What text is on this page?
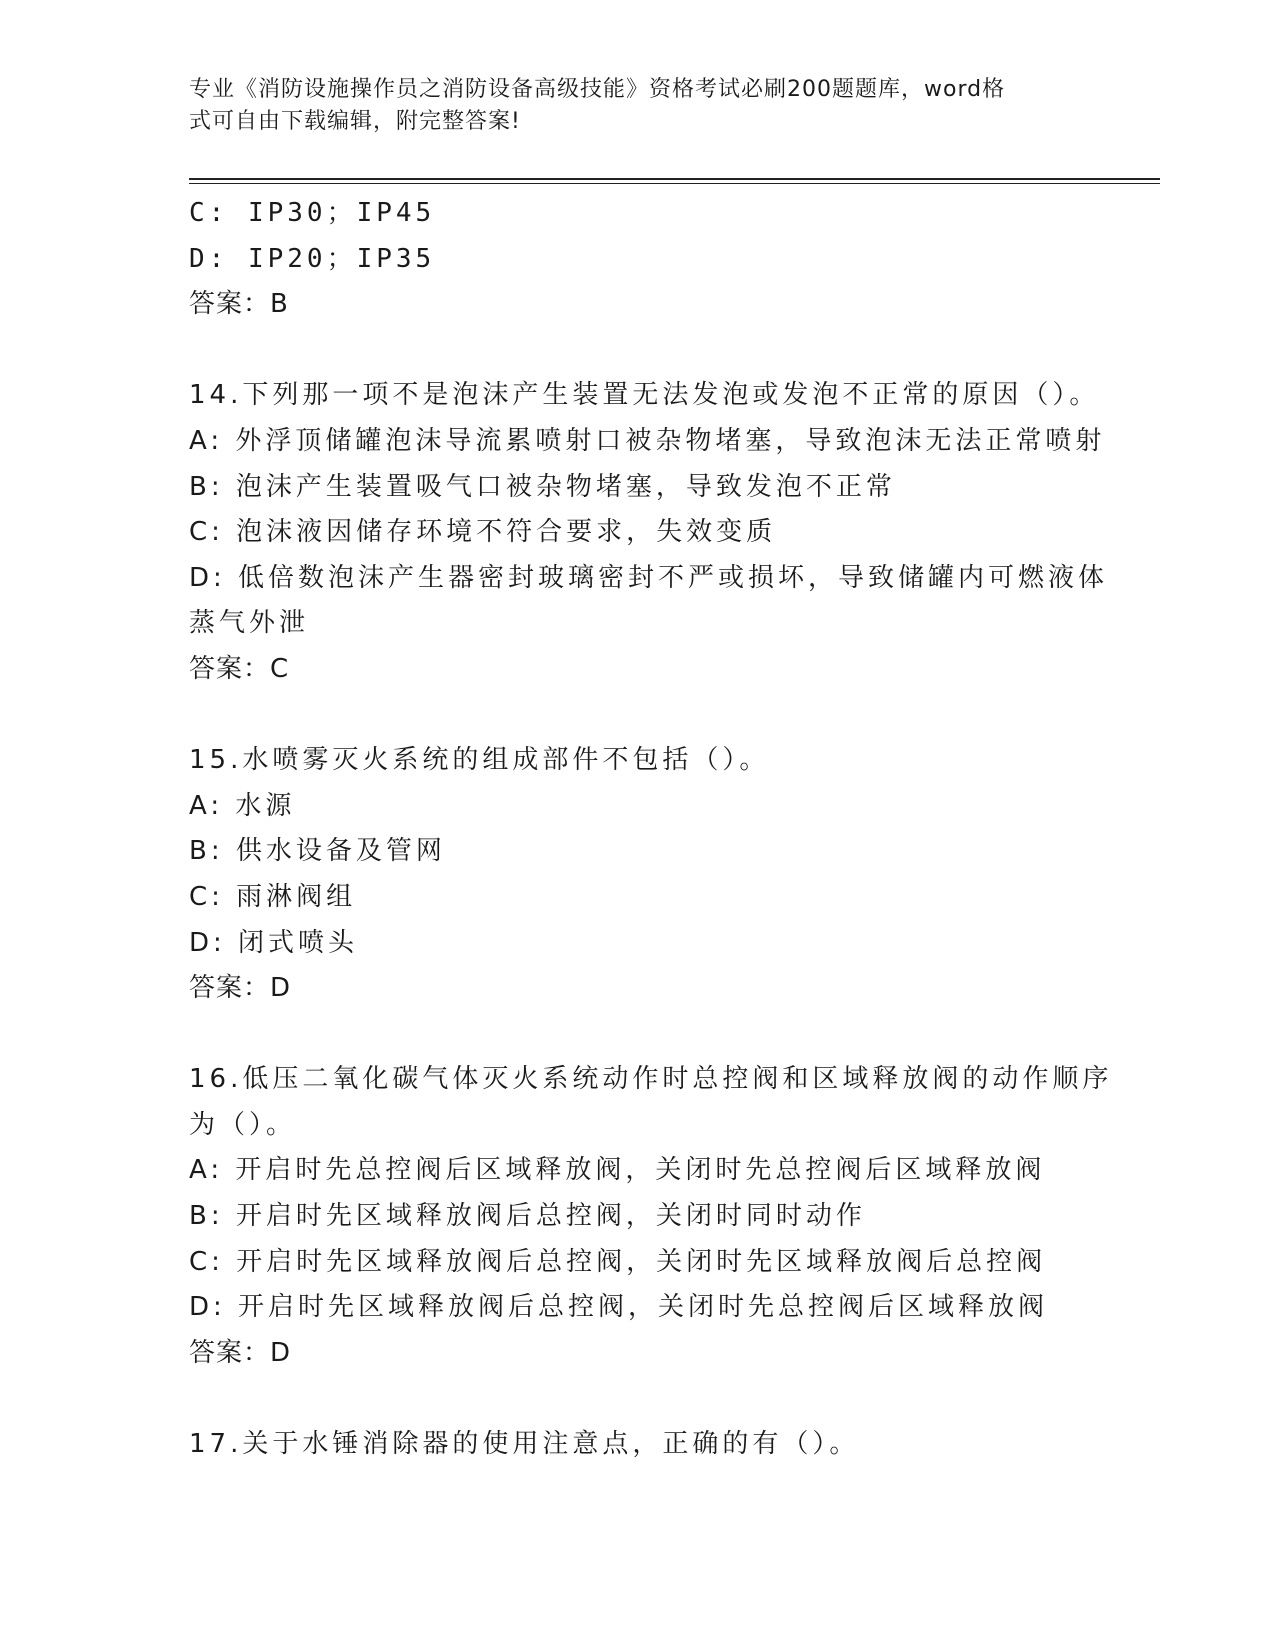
专业《消防设施操作员之消防设备高级技能》资格考试必刷200题题库，word格
式可自由下载编辑，附完整答案!
C: IP30；IP45
D: IP20；IP35
答案：B
14.下列那一项不是泡沫产生装置无法发泡或发泡不正常的原因（）。
A: 外浮顶储罐泡沫导流累喷射口被杂物堵塞，导致泡沫无法正常喷射
B: 泡沫产生装置吸气口被杂物堵塞，导致发泡不正常
C: 泡沫液因储存环境不符合要求，失效变质
D: 低倍数泡沫产生器密封玻璃密封不严或损坏，导致储罐内可燃液体
蒸气外泄
答案：C
15.水喷雾灭火系统的组成部件不包括（）。
A: 水源
B: 供水设备及管网
C: 雨淋阀组
D: 闭式喷头
答案：D
16.低压二氧化碳气体灭火系统动作时总控阀和区域释放阀的动作顺序
为（）。
A: 开启时先总控阀后区域释放阀，关闭时先总控阀后区域释放阀
B: 开启时先区域释放阀后总控阀，关闭时同时动作
C: 开启时先区域释放阀后总控阀，关闭时先区域释放阀后总控阀
D: 开启时先区域释放阀后总控阀，关闭时先总控阀后区域释放阀
答案：D
17.关于水锤消除器的使用注意点，正确的有（）。
